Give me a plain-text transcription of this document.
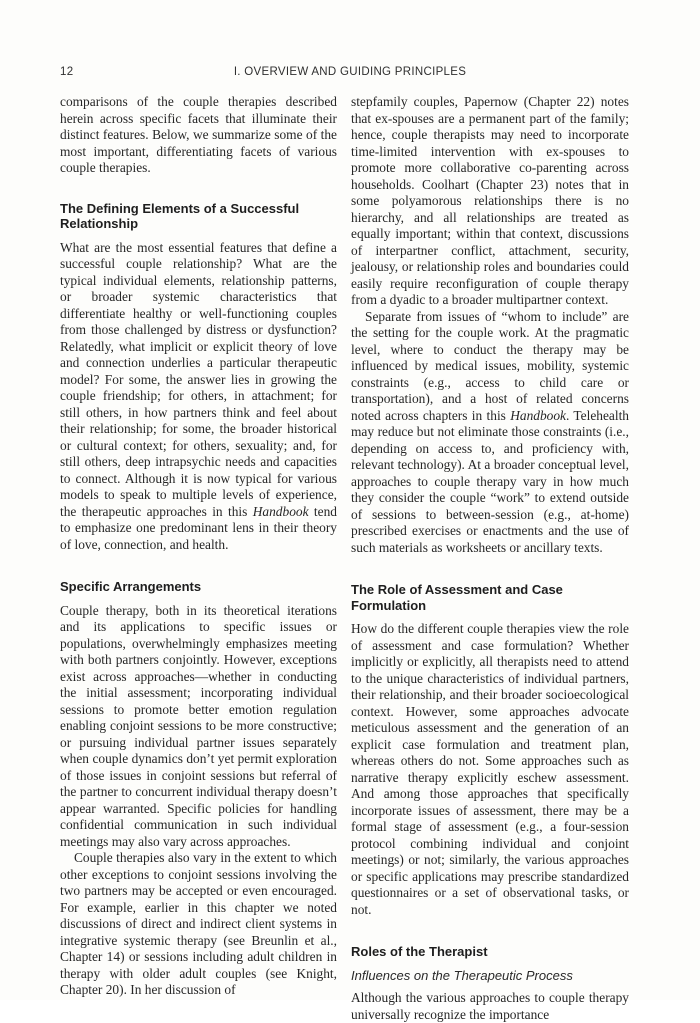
12	I. OVERVIEW AND GUIDING PRINCIPLES

comparisons of the couple therapies described herein across specific facets that illuminate their distinct features. Below, we summarize some of the most important, differentiating facets of various couple therapies.

The Defining Elements of a Successful Relationship

What are the most essential features that define a successful couple relationship? What are the typical individual elements, relationship patterns, or broader systemic characteristics that differentiate healthy or well-functioning couples from those challenged by distress or dysfunction? Relatedly, what implicit or explicit theory of love and connection underlies a particular therapeutic model? For some, the answer lies in growing the couple friendship; for others, in attachment; for still others, in how partners think and feel about their relationship; for some, the broader historical or cultural context; for others, sexuality; and, for still others, deep intrapsychic needs and capacities to connect. Although it is now typical for various models to speak to multiple levels of experience, the therapeutic approaches in this Handbook tend to emphasize one predominant lens in their theory of love, connection, and health.

Specific Arrangements

Couple therapy, both in its theoretical iterations and its applications to specific issues or populations, overwhelmingly emphasizes meeting with both partners conjointly. However, exceptions exist across approaches—whether in conducting the initial assessment; incorporating individual sessions to promote better emotion regulation enabling conjoint sessions to be more constructive; or pursuing individual partner issues separately when couple dynamics don’t yet permit exploration of those issues in conjoint sessions but referral of the partner to concurrent individual therapy doesn’t appear warranted. Specific policies for handling confidential communication in such individual meetings may also vary across approaches.

Couple therapies also vary in the extent to which other exceptions to conjoint sessions involving the two partners may be accepted or even encouraged. For example, earlier in this chapter we noted discussions of direct and indirect client systems in integrative systemic therapy (see Breunlin et al., Chapter 14) or sessions including adult children in therapy with older adult couples (see Knight, Chapter 20). In her discussion of

stepfamily couples, Papernow (Chapter 22) notes that ex-spouses are a permanent part of the family; hence, couple therapists may need to incorporate time-limited intervention with ex-spouses to promote more collaborative co-parenting across households. Coolhart (Chapter 23) notes that in some polyamorous relationships there is no hierarchy, and all relationships are treated as equally important; within that context, discussions of interpartner conflict, attachment, security, jealousy, or relationship roles and boundaries could easily require reconfiguration of couple therapy from a dyadic to a broader multipartner context.

Separate from issues of “whom to include” are the setting for the couple work. At the pragmatic level, where to conduct the therapy may be influenced by medical issues, mobility, systemic constraints (e.g., access to child care or transportation), and a host of related concerns noted across chapters in this Handbook. Telehealth may reduce but not eliminate those constraints (i.e., depending on access to, and proficiency with, relevant technology). At a broader conceptual level, approaches to couple therapy vary in how much they consider the couple “work” to extend outside of sessions to between-session (e.g., at-home) prescribed exercises or enactments and the use of such materials as worksheets or ancillary texts.

The Role of Assessment and Case Formulation

How do the different couple therapies view the role of assessment and case formulation? Whether implicitly or explicitly, all therapists need to attend to the unique characteristics of individual partners, their relationship, and their broader socioecological context. However, some approaches advocate meticulous assessment and the generation of an explicit case formulation and treatment plan, whereas others do not. Some approaches such as narrative therapy explicitly eschew assessment. And among those approaches that specifically incorporate issues of assessment, there may be a formal stage of assessment (e.g., a four-session protocol combining individual and conjoint meetings) or not; similarly, the various approaches or specific applications may prescribe standardized questionnaires or a set of observational tasks, or not.

Roles of the Therapist
Influences on the Therapeutic Process

Although the various approaches to couple therapy universally recognize the importance
